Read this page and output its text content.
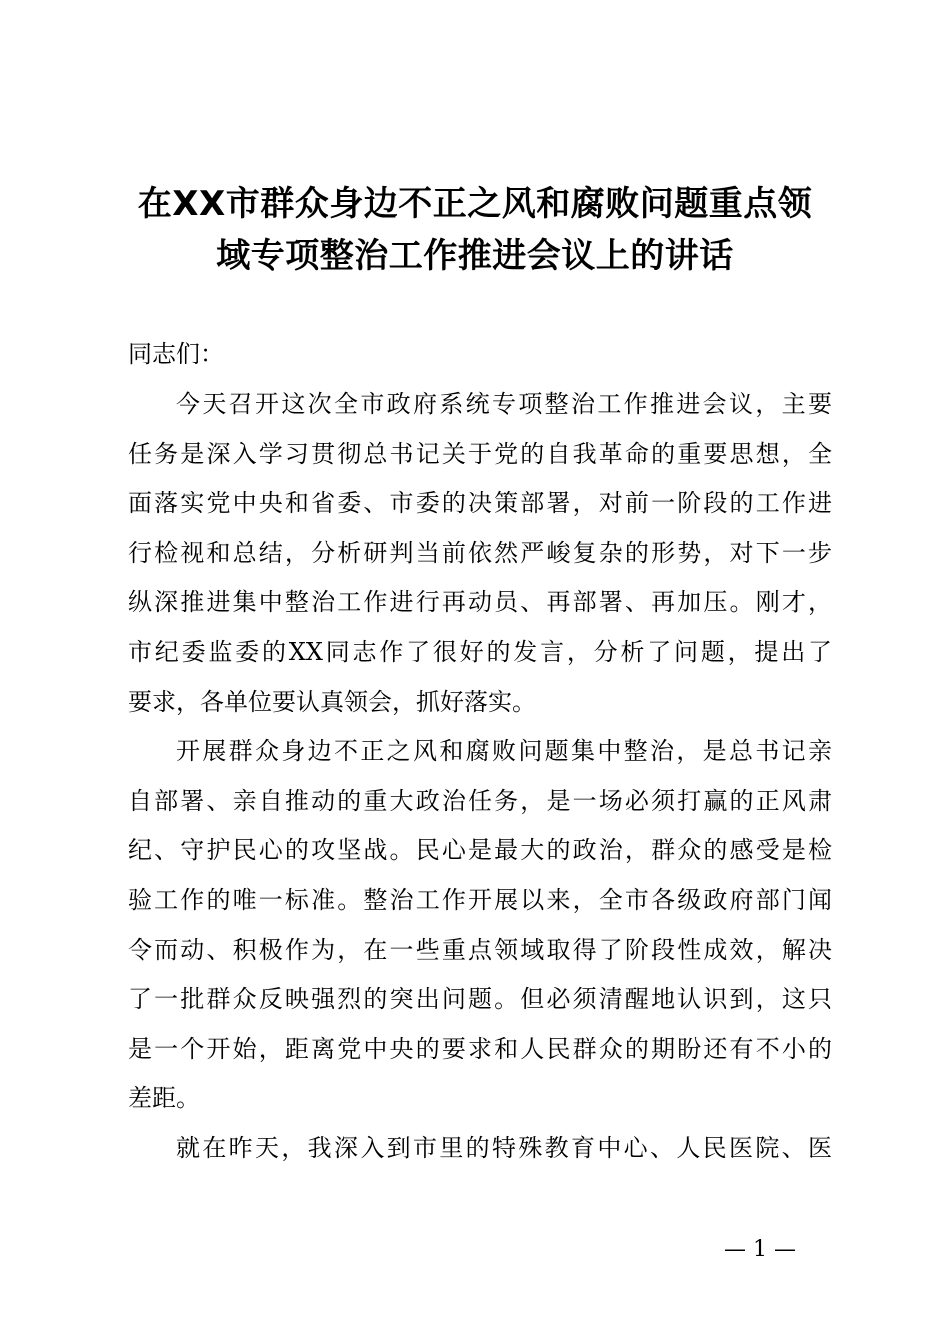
在XX市群众身边不正之风和腐败问题重点领
域专项整治工作推进会议上的讲话

同志们：

今天召开这次全市政府系统专项整治工作推进会议，主要
任务是深入学习贯彻总书记关于党的自我革命的重要思想，全
面落实党中央和省委、市委的决策部署，对前一阶段的工作进
行检视和总结，分析研判当前依然严峻复杂的形势，对下一步
纵深推进集中整治工作进行再动员、再部署、再加压。刚才，
市纪委监委的XX同志作了很好的发言，分析了问题，提出了
要求，各单位要认真领会，抓好落实。

开展群众身边不正之风和腐败问题集中整治，是总书记亲
自部署、亲自推动的重大政治任务，是一场必须打赢的正风肃
纪、守护民心的攻坚战。民心是最大的政治，群众的感受是检
验工作的唯一标准。整治工作开展以来，全市各级政府部门闻
令而动、积极作为，在一些重点领域取得了阶段性成效，解决
了一批群众反映强烈的突出问题。但必须清醒地认识到，这只
是一个开始，距离党中央的要求和人民群众的期盼还有不小的
差距。

就在昨天，我深入到市里的特殊教育中心、人民医院、医

— 1 —
